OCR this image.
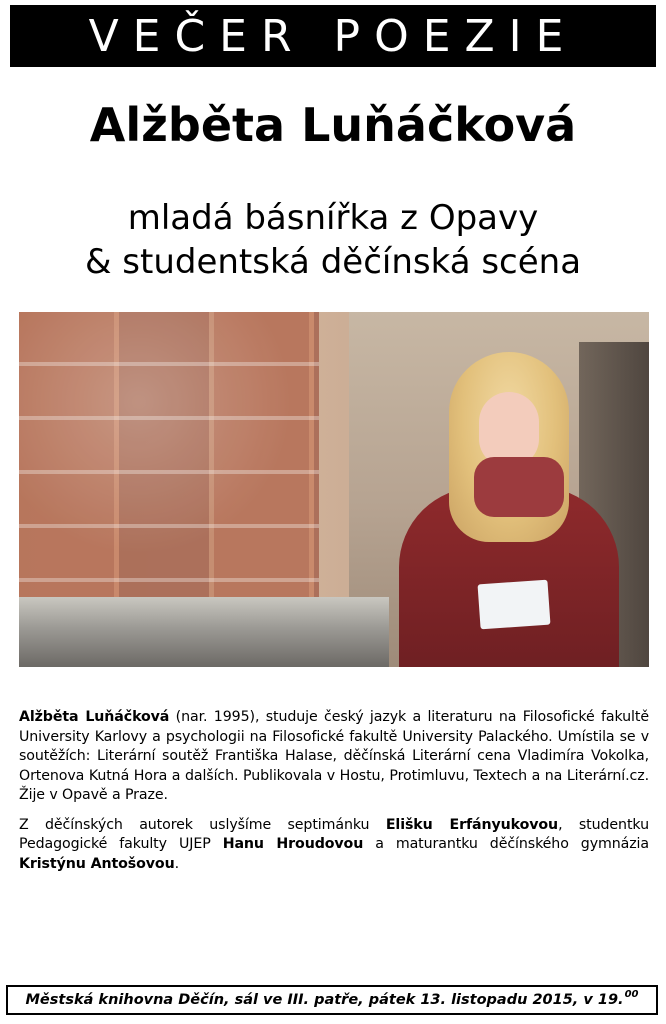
VEČER POEZIE
Alžběta Luňáčková
mladá básnířka z Opavy
& studentská děčínská scéna

Alžběta Luňáčková (nar. 1995), studuje český jazyk a literaturu na Filosofické fakultě University Karlovy a psychologii na Filosofické fakultě University Palackého. Umístila se v soutěžích: Literární soutěž Františka Halase, děčínská Literární cena Vladimíra Vokolka, Ortenova Kutná Hora a dalších. Publikovala v Hostu, Protimluvu, Textech a na Literární.cz. Žije v Opavě a Praze.

Z děčínských autorek uslyšíme septimánku Elišku Erfányukovou, studentku Pedagogické fakulty UJEP Hanu Hroudovou a maturantku děčínského gymnázia Kristýnu Antošovou.

Městská knihovna Děčín, sál ve III. patře, pátek 13. listopadu 2015, v 19.00
